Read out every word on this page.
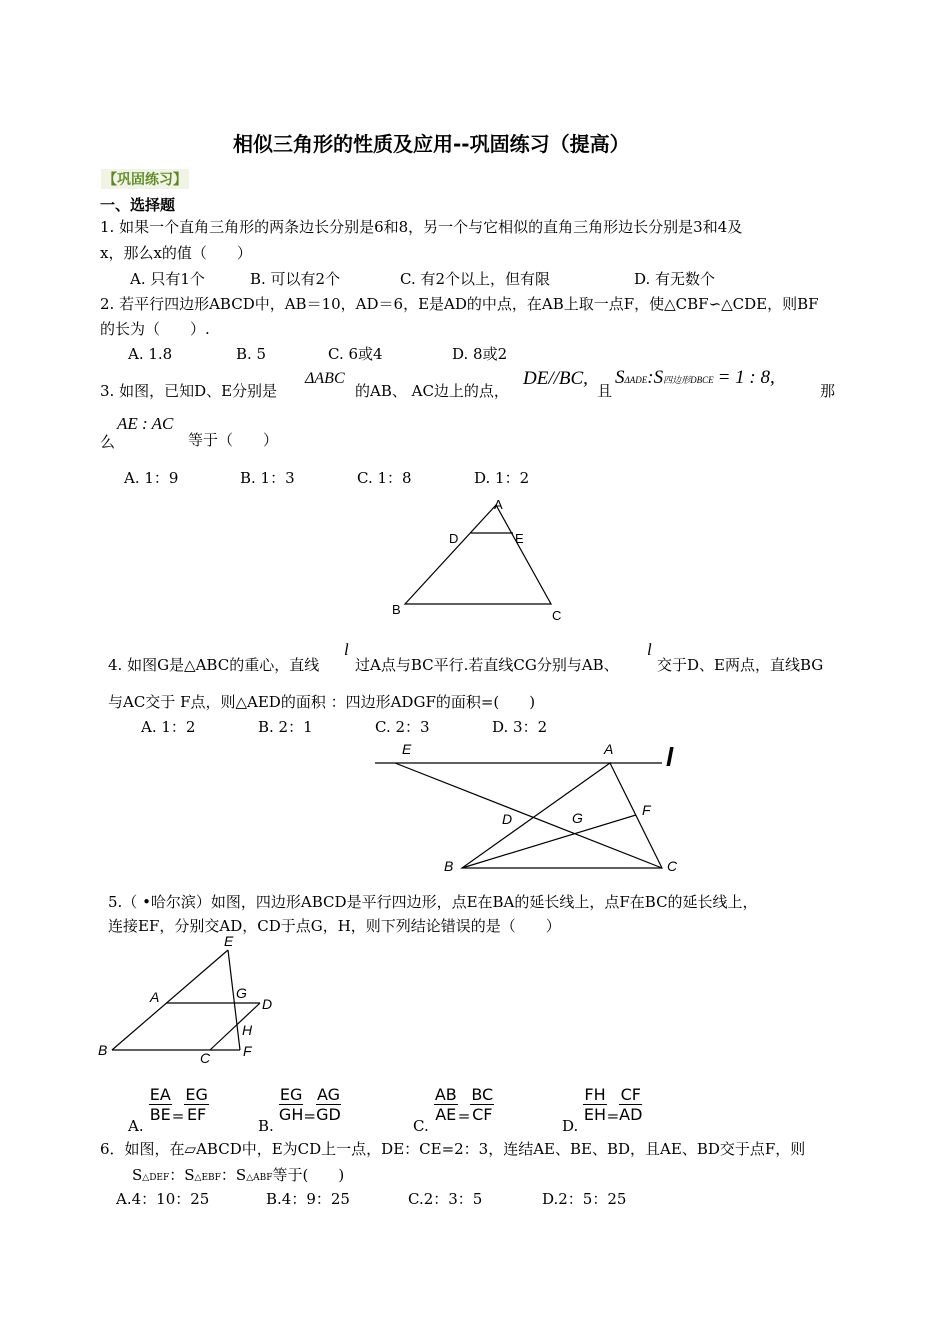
相似三角形的性质及应用--巩固练习（提高）
【巩固练习】
一、选择题
1. 如果一个直角三角形的两条边长分别是6和8，另一个与它相似的直角三角形边长分别是3和4及
x，那么x的值（　　）
A. 只有1个	B. 可以有2个	C. 有2个以上，但有限	D. 有无数个
2. 若平行四边形ABCD中，AB＝10，AD＝6，E是AD的中点，在AB上取一点F，使△CBF∽△CDE，则BF
的长为（　　）.
A. 1.8	B. 5	C. 6或4	D. 8或2
3. 如图，已知D、E分别是
ΔABC
的AB、 AC边上的点，
DE//BC,
且
SΔADE:S四边形DBCE = 1 : 8,
那
么
AE : AC
等于（　　）
A. 1：9	B. 1：3	C. 1：8	D. 1：2
A
D	E
B	C
4. 如图G是△ABC的重心，直线
l
过A点与BC平行.若直线CG分别与AB、
l
交于D、E两点，直线BG
与AC交于 F点，则△AED的面积 ：四边形ADGF的面积=(　　)
A. 1：2	B. 2：1	C. 2：3	D. 3：2
E	A l
D	G	F
B	C
5.（ •哈尔滨）如图，四边形ABCD是平行四边形，点E在BA的延长线上，点F在BC的延长线上，
连接EF，分别交AD，CD于点G，H，则下列结论错误的是（　　）
E
A	G
D
H
B	C F
A.
$\frac{EA}{BE} = \frac{EG}{EF}$
B.
$\frac{EG}{GH} = \frac{AG}{GD}$
C.
$\frac{AB}{AE} = \frac{BC}{CF}$
D.
$\frac{FH}{EH} = \frac{CF}{AD}$
6．如图，在▱ABCD中，E为CD上一点，DE：CE=2：3，连结AE、BE、BD，且AE、BD交于点F，则
S△DEF：S△EBF：S△ABF等于(　　)
A.4：10：25	B.4：9：25	C.2：3：5	D.2：5：25
